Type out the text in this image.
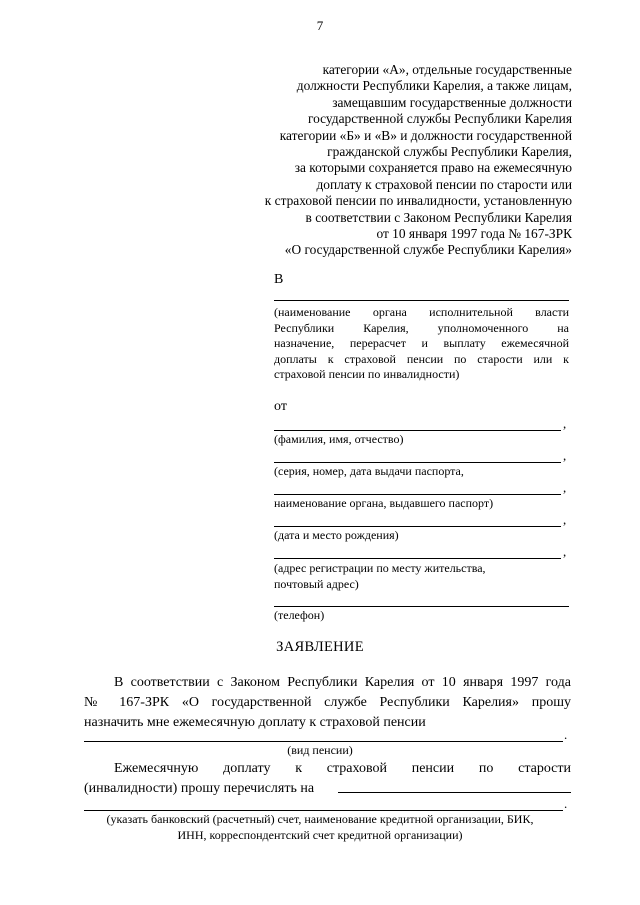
7
категории «А», отдельные государственные
должности Республики Карелия, а также лицам,
замещавшим государственные должности
государственной службы Республики Карелия
категории «Б» и «В» и должности государственной
гражданской службы Республики Карелия,
за которыми сохраняется право на ежемесячную
доплату к страховой пенсии по старости или
к страховой пенсии по инвалидности, установленную
в соответствии с Законом Республики Карелия
от 10 января 1997 года № 167-ЗРК
«О государственной службе Республики Карелия»
В
(наименование органа исполнительной власти
Республики Карелия, уполномоченного на
назначение, перерасчет и выплату ежемесячной
доплаты к страховой пенсии по старости или к
страховой пенсии по инвалидности)
от
,
(фамилия, имя, отчество)
,
(серия, номер, дата выдачи паспорта,
,
наименование органа, выдавшего паспорт)
,
(дата и место рождения)
,
(адрес регистрации по месту жительства,
почтовый адрес)
(телефон)
ЗАЯВЛЕНИЕ
В соответствии с Законом Республики Карелия от 10 января 1997 года
№ 167-ЗРК «О государственной службе Республики Карелия» прошу
назначить мне ежемесячную доплату к страховой пенсии
.
(вид пенсии)
Ежемесячную доплату к страховой пенсии по старости
(инвалидности) прошу перечислять на
.
(указать банковский (расчетный) счет, наименование кредитной организации, БИК,
ИНН, корреспондентский счет кредитной организации)
